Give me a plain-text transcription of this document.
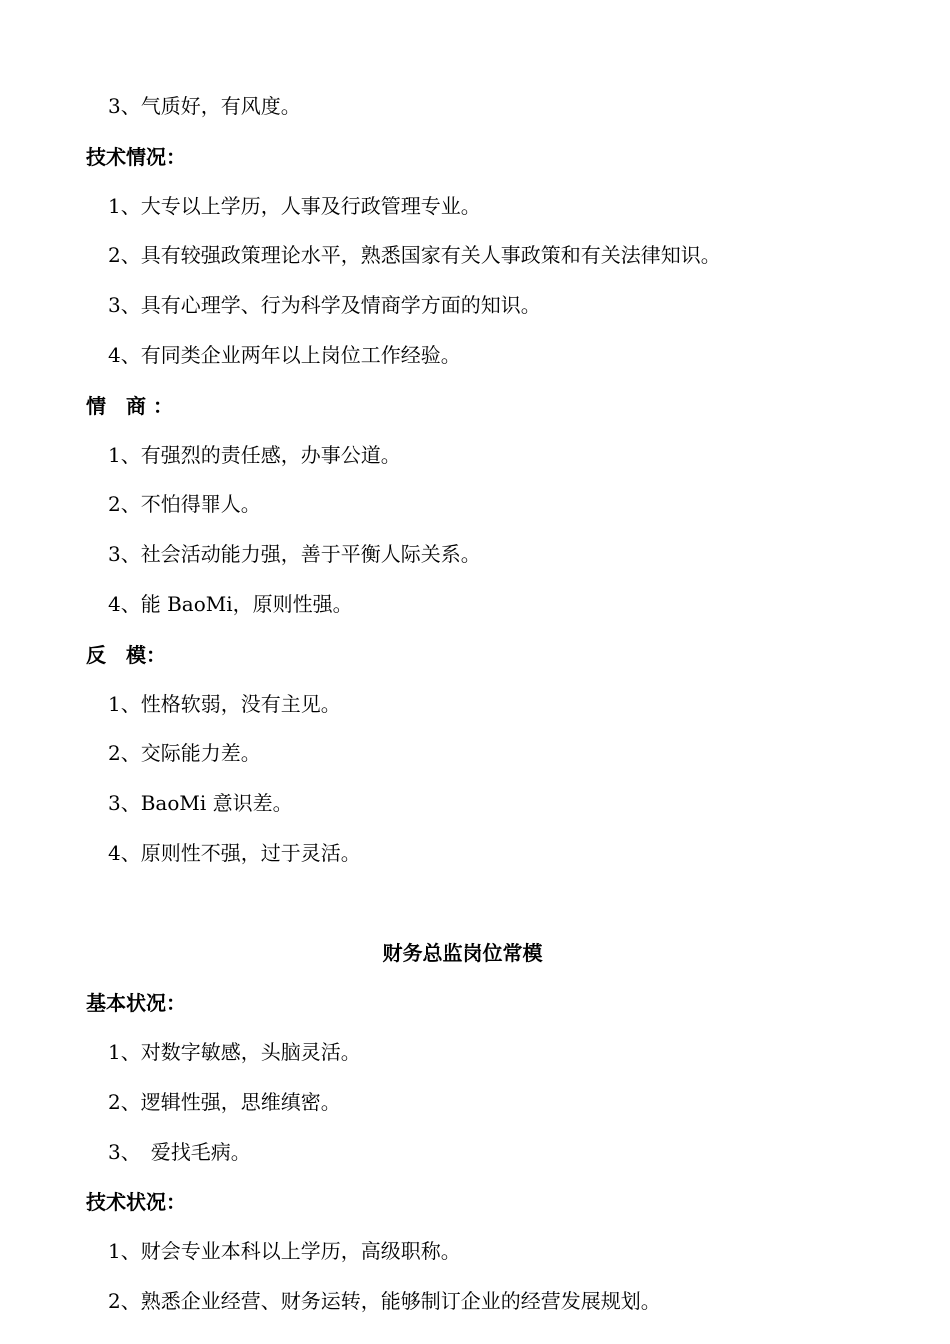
3、气质好，有风度。
技术情况：
1、大专以上学历，人事及行政管理专业。
2、具有较强政策理论水平，熟悉国家有关人事政策和有关法律知识。
3、具有心理学、行为科学及情商学方面的知识。
4、有同类企业两年以上岗位工作经验。
情　商 ：
1、有强烈的责任感，办事公道。
2、不怕得罪人。
3、社会活动能力强，善于平衡人际关系。
4、能 BaoMi，原则性强。
反　模：
1、性格软弱，没有主见。
2、交际能力差。
3、BaoMi 意识差。
4、原则性不强，过于灵活。
财务总监岗位常模
基本状况：
1、对数字敏感，头脑灵活。
2、逻辑性强，思维缜密。
3、　爱找毛病。
技术状况：
1、财会专业本科以上学历，高级职称。
2、熟悉企业经营、财务运转，能够制订企业的经营发展规划。
